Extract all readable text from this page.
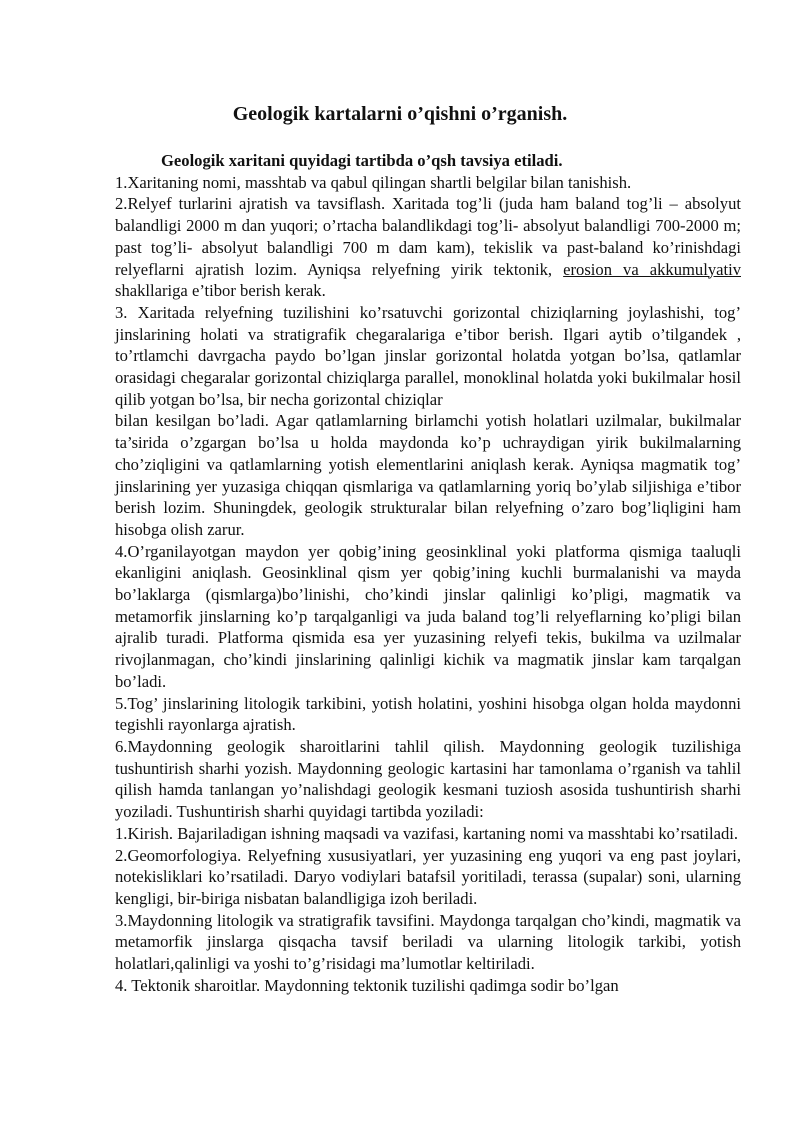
Geologik kartalarni o’qishni o’rganish.
Geologik xaritani quyidagi tartibda o’qsh tavsiya etiladi.

1.Xaritaning nomi, masshtab va qabul qilingan shartli belgilar bilan tanishish.

2.Relyef turlarini ajratish va tavsiflash. Xaritada tog’li (juda ham baland tog’li – absolyut balandligi 2000 m dan yuqori; o’rtacha balandlikdagi tog’li- absolyut balandligi 700-2000 m; past tog’li- absolyut balandligi 700 m dam kam), tekislik va past-baland ko’rinishdagi relyeflarni ajratish lozim. Ayniqsa relyefning yirik tektonik, erosion va akkumulyativ shakllariga e’tibor berish kerak.

3. Xaritada relyefning tuzilishini ko’rsatuvchi gorizontal chiziqlarning joylashishi, tog’ jinslarining holati va stratigrafik chegaralariga e’tibor berish. Ilgari aytib o’tilgandek , to’rtlamchi davrgacha paydo bo’lgan jinslar gorizontal holatda yotgan bo’lsa, qatlamlar orasidagi chegaralar gorizontal chiziqlarga parallel, monoklinal holatda yoki bukilmalar hosil qilib yotgan bo’lsa, bir necha gorizontal chiziqlar

bilan kesilgan bo’ladi. Agar qatlamlarning birlamchi yotish holatlari uzilmalar, bukilmalar ta’sirida o’zgargan bo’lsa u holda maydonda ko’p uchraydigan yirik bukilmalarning cho’ziqligini va qatlamlarning yotish elementlarini aniqlash kerak. Ayniqsa magmatik tog’ jinslarining yer yuzasiga chiqqan qismlariga va qatlamlarning yoriq bo’ylab siljishiga e’tibor berish lozim. Shuningdek, geologik strukturalar bilan relyefning o’zaro bog’liqligini ham hisobga olish zarur.

4.O’rganilayotgan maydon yer qobig’ining geosinklinal yoki platforma qismiga taaluqli ekanligini aniqlash. Geosinklinal qism yer qobig’ining kuchli burmalanishi va mayda bo’laklarga (qismlarga)bo’linishi, cho’kindi jinslar qalinligi ko’pligi, magmatik va metamorfik jinslarning ko’p tarqalganligi va juda baland tog’li relyeflarning ko’pligi bilan ajralib turadi. Platforma qismida esa yer yuzasining relyefi tekis, bukilma va uzilmalar rivojlanmagan, cho’kindi jinslarining qalinligi kichik va magmatik jinslar kam tarqalgan bo’ladi.

5.Tog’ jinslarining litologik tarkibini, yotish holatini, yoshini hisobga olgan holda maydonni tegishli rayonlarga ajratish.

6.Maydonning geologik sharoitlarini tahlil qilish. Maydonning geologik tuzilishiga tushuntirish sharhi yozish. Maydonning geologic kartasini har tamonlama o’rganish va tahlil qilish hamda tanlangan yo’nalishdagi geologik kesmani tuziosh asosida tushuntirish sharhi yoziladi. Tushuntirish sharhi quyidagi tartibda yoziladi:

1.Kirish. Bajariladigan ishning maqsadi va vazifasi, kartaning nomi va masshtabi ko’rsatiladi.

2.Geomorfologiya. Relyefning xususiyatlari, yer yuzasining eng yuqori va eng past joylari, notekisliklari ko’rsatiladi. Daryo vodiylari batafsil yoritiladi, terassa (supalar) soni, ularning kengligi, bir-biriga nisbatan balandligiga izoh beriladi.

3.Maydonning litologik va stratigrafik tavsifini. Maydonga tarqalgan cho’kindi, magmatik va metamorfik jinslarga qisqacha tavsif beriladi va ularning litologik tarkibi, yotish holatlari,qalinligi va yoshi to’g’risidagi ma’lumotlar keltiriladi.

4. Tektonik sharoitlar. Maydonning tektonik tuzilishi qadimga sodir bo’lgan
